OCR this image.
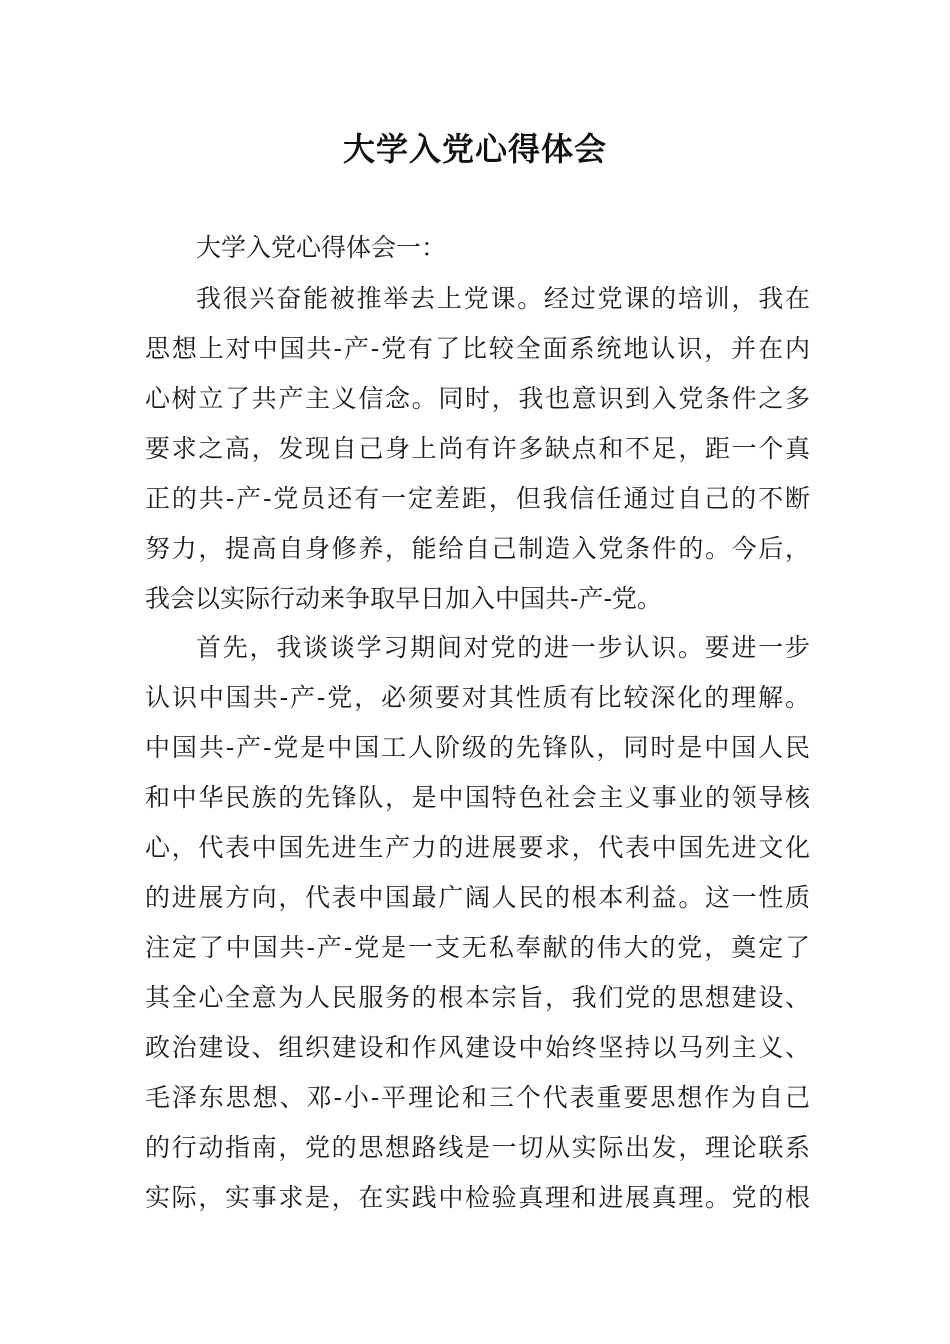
大学入党心得体会
大学入党心得体会一：
我很兴奋能被推举去上党课。经过党课的培训，我在
思想上对中国共-产-党有了比较全面系统地认识，并在内
心树立了共产主义信念。同时，我也意识到入党条件之多
要求之高，发现自己身上尚有许多缺点和不足，距一个真
正的共-产-党员还有一定差距，但我信任通过自己的不断
努力，提高自身修养，能给自己制造入党条件的。今后，
我会以实际行动来争取早日加入中国共-产-党。
首先，我谈谈学习期间对党的进一步认识。要进一步
认识中国共-产-党，必须要对其性质有比较深化的理解。
中国共-产-党是中国工人阶级的先锋队，同时是中国人民
和中华民族的先锋队，是中国特色社会主义事业的领导核
心，代表中国先进生产力的进展要求，代表中国先进文化
的进展方向，代表中国最广阔人民的根本利益。这一性质
注定了中国共-产-党是一支无私奉献的伟大的党，奠定了
其全心全意为人民服务的根本宗旨，我们党的思想建设、
政治建设、组织建设和作风建设中始终坚持以马列主义、
毛泽东思想、邓-小-平理论和三个代表重要思想作为自己
的行动指南，党的思想路线是一切从实际出发，理论联系
实际，实事求是，在实践中检验真理和进展真理。党的根
